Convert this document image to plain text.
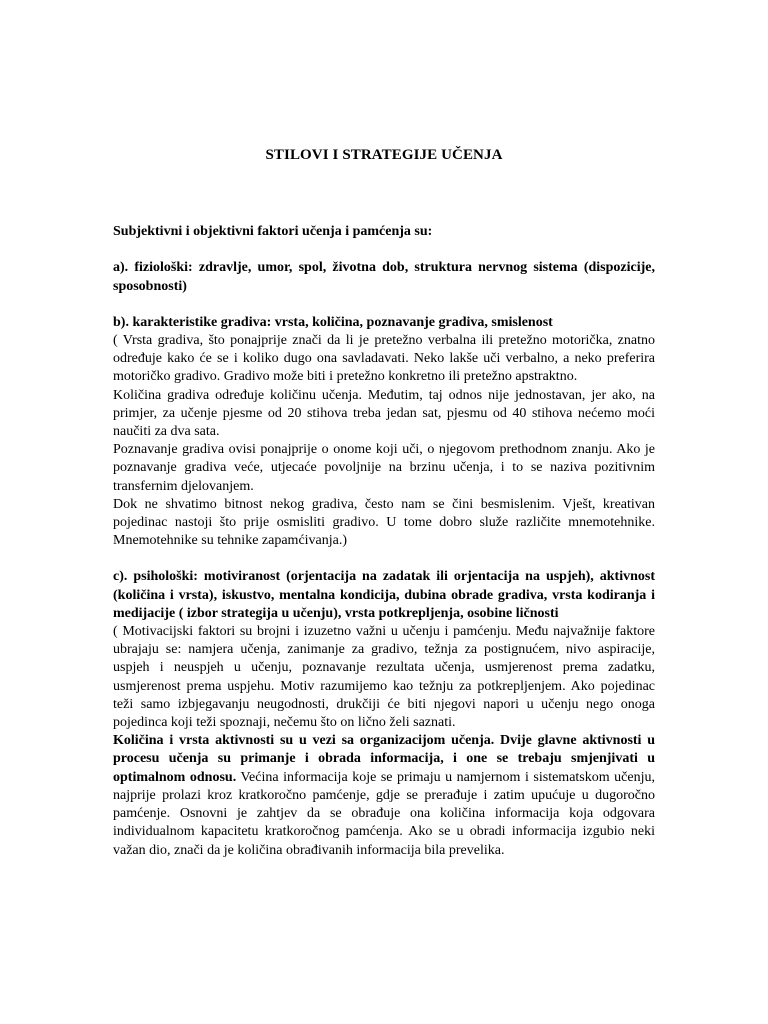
STILOVI I STRATEGIJE UČENJA
Subjektivni i objektivni faktori učenja i pamćenja su:

a). fiziološki: zdravlje, umor, spol, životna dob, struktura nervnog sistema (dispozicije, sposobnosti)

b). karakteristike gradiva: vrsta, količina, poznavanje gradiva, smislenost

( Vrsta gradiva, što ponajprije znači da li je pretežno verbalna ili pretežno motorička, znatno određuje kako će se i koliko dugo ona savladavati. Neko lakše uči verbalno, a neko preferira motoričko gradivo. Gradivo može biti i pretežno konkretno ili pretežno apstraktno.

Količina gradiva određuje količinu učenja. Međutim, taj odnos nije jednostavan, jer ako, na primjer, za učenje pjesme od 20 stihova treba jedan sat, pjesmu od 40 stihova nećemo moći naučiti za dva sata.

Poznavanje gradiva ovisi ponajprije o onome koji uči, o njegovom prethodnom znanju. Ako je poznavanje gradiva veće, utjecaće povoljnije na brzinu učenja, i to se naziva pozitivnim transfernim djelovanjem.

Dok ne shvatimo bitnost nekog gradiva, često nam se čini besmislenim. Vješt, kreativan pojedinac nastoji što prije osmisliti gradivo. U tome dobro služe različite mnemotehnike. Mnemotehnike su tehnike zapamćivanja.)

c). psihološki: motiviranost (orjentacija na zadatak ili orjentacija na uspjeh), aktivnost (količina i vrsta), iskustvo, mentalna kondicija, dubina obrade gradiva, vrsta kodiranja i medijacije ( izbor strategija u učenju), vrsta potkrepljenja, osobine ličnosti

( Motivacijski faktori su brojni i izuzetno važni u učenju i pamćenju. Među najvažnije faktore ubrajaju se: namjera učenja, zanimanje za gradivo, težnja za postignućem, nivo aspiracije, uspjeh i neuspjeh u učenju, poznavanje rezultata učenja, usmjerenost prema zadatku, usmjerenost prema uspjehu. Motiv razumijemo kao težnju za potkrepljenjem. Ako pojedinac teži samo izbjegavanju neugodnosti, drukčiji će biti njegovi napori u učenju nego onoga pojedinca koji teži spoznaji, nečemu što on lično želi saznati.

Količina i vrsta aktivnosti su u vezi sa organizacijom učenja. Dvije glavne aktivnosti u procesu učenja su primanje i obrada informacija, i one se trebaju smjenjivati u optimalnom odnosu. Većina informacija koje se primaju u namjernom i sistematskom učenju, najprije prolazi kroz kratkoročno pamćenje, gdje se prerađuje i zatim upućuje u dugoročno pamćenje. Osnovni je zahtjev da se obrađuje ona količina informacija koja odgovara individualnom kapacitetu kratkoročnog pamćenja. Ako se u obradi informacija izgubio neki važan dio, znači da je količina obrađivanih informacija bila prevelika.
